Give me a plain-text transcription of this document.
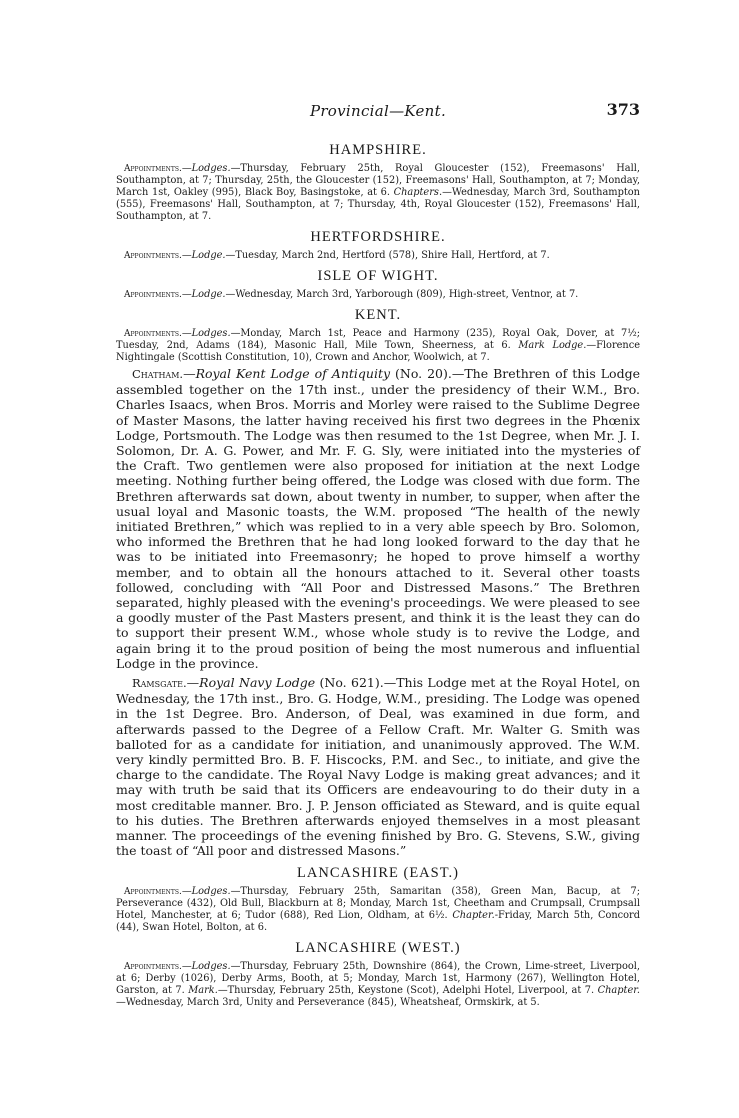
Provincial—Kent.	373
HAMPSHIRE.

Appointments.—Lodges.—Thursday, February 25th, Royal Gloucester (152), Freemasons' Hall, Southampton, at 7; Thursday, 25th, the Gloucester (152), Freemasons' Hall, Southampton, at 7; Monday, March 1st, Oakley (995), Black Boy, Basingstoke, at 6. Chapters.—Wednesday, March 3rd, Southampton (555), Freemasons' Hall, Southampton, at 7; Thursday, 4th, Royal Gloucester (152), Freemasons' Hall, Southampton, at 7.

HERTFORDSHIRE.

Appointments.—Lodge.—Tuesday, March 2nd, Hertford (578), Shire Hall, Hertford, at 7.

ISLE OF WIGHT.

Appointments.—Lodge.—Wednesday, March 3rd, Yarborough (809), High-street, Ventnor, at 7.

KENT.

Appointments.—Lodges.—Monday, March 1st, Peace and Harmony (235), Royal Oak, Dover, at 7½; Tuesday, 2nd, Adams (184), Masonic Hall, Mile Town, Sheerness, at 6. Mark Lodge.—Florence Nightingale (Scottish Constitution, 10), Crown and Anchor, Woolwich, at 7.

Chatham.—Royal Kent Lodge of Antiquity (No. 20).—The Brethren of this Lodge assembled together on the 17th inst., under the presidency of their W.M., Bro. Charles Isaacs, when Bros. Morris and Morley were raised to the Sublime Degree of Master Masons, the latter having received his first two degrees in the Phœnix Lodge, Portsmouth. The Lodge was then resumed to the 1st Degree, when Mr. J. I. Solomon, Dr. A. G. Power, and Mr. F. G. Sly, were initiated into the mysteries of the Craft. Two gentlemen were also proposed for initiation at the next Lodge meeting. Nothing further being offered, the Lodge was closed with due form. The Brethren afterwards sat down, about twenty in number, to supper, when after the usual loyal and Masonic toasts, the W.M. proposed “The health of the newly initiated Brethren,” which was replied to in a very able speech by Bro. Solomon, who informed the Brethren that he had long looked forward to the day that he was to be initiated into Freemasonry; he hoped to prove himself a worthy member, and to obtain all the honours attached to it. Several other toasts followed, concluding with “All Poor and Distressed Masons.” The Brethren separated, highly pleased with the evening's proceedings. We were pleased to see a goodly muster of the Past Masters present, and think it is the least they can do to support their present W.M., whose whole study is to revive the Lodge, and again bring it to the proud position of being the most numerous and influential Lodge in the province.

Ramsgate.—Royal Navy Lodge (No. 621).—This Lodge met at the Royal Hotel, on Wednesday, the 17th inst., Bro. G. Hodge, W.M., presiding. The Lodge was opened in the 1st Degree. Bro. Anderson, of Deal, was examined in due form, and afterwards passed to the Degree of a Fellow Craft. Mr. Walter G. Smith was balloted for as a candidate for initiation, and unanimously approved. The W.M. very kindly permitted Bro. B. F. Hiscocks, P.M. and Sec., to initiate, and give the charge to the candidate. The Royal Navy Lodge is making great advances; and it may with truth be said that its Officers are endeavouring to do their duty in a most creditable manner. Bro. J. P. Jenson officiated as Steward, and is quite equal to his duties. The Brethren afterwards enjoyed themselves in a most pleasant manner. The proceedings of the evening finished by Bro. G. Stevens, S.W., giving the toast of “All poor and distressed Masons.”

LANCASHIRE (EAST.)

Appointments.—Lodges.—Thursday, February 25th, Samaritan (358), Green Man, Bacup, at 7; Perseverance (432), Old Bull, Blackburn at 8; Monday, March 1st, Cheetham and Crumpsall, Crumpsall Hotel, Manchester, at 6; Tudor (688), Red Lion, Oldham, at 6½. Chapter.-Friday, March 5th, Concord (44), Swan Hotel, Bolton, at 6.

LANCASHIRE (WEST.)

Appointments.—Lodges.—Thursday, February 25th, Downshire (864), the Crown, Lime-street, Liverpool, at 6; Derby (1026), Derby Arms, Booth, at 5; Monday, March 1st, Harmony (267), Wellington Hotel, Garston, at 7. Mark.—Thursday, February 25th, Keystone (Scot), Adelphi Hotel, Liverpool, at 7. Chapter.—Wednesday, March 3rd, Unity and Perseverance (845), Wheatsheaf, Ormskirk, at 5.
